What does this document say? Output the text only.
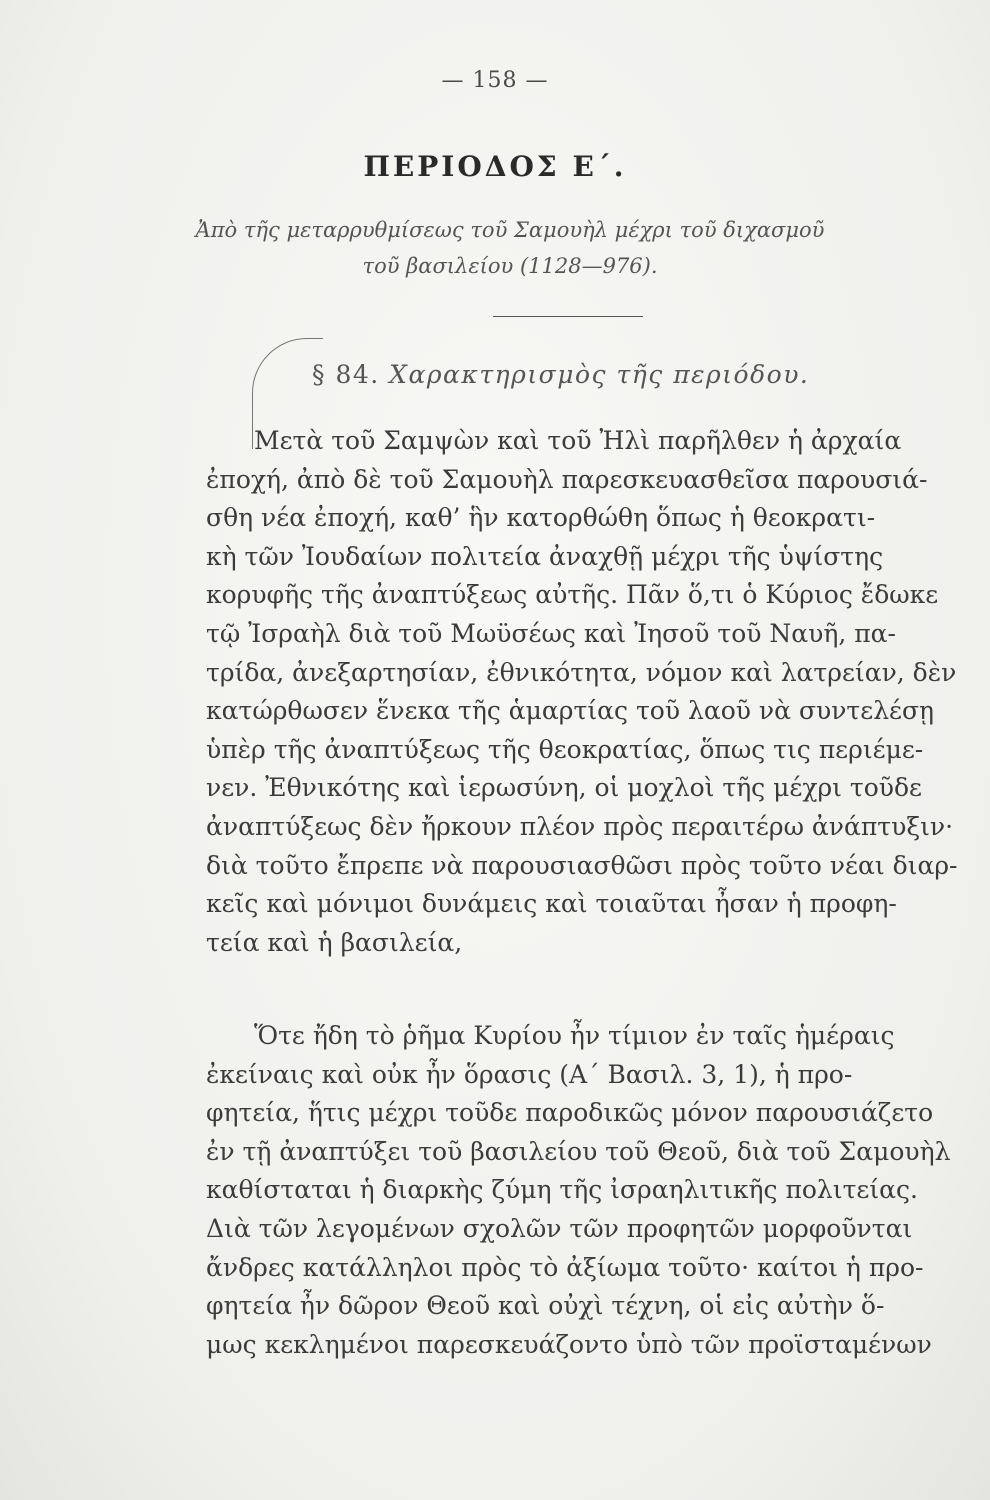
— 158 —
ΠΕΡΙΟΔΟΣ Ε΄.
Ἀπὸ τῆς μεταρρυθμίσεως τοῦ Σαμουὴλ μέχρι τοῦ διχασμοῦ
τοῦ βασιλείου (1128—976).
§ 84. Χαρακτηρισμὸς τῆς περιόδου.
Μετὰ τοῦ Σαμψὼν καὶ τοῦ Ἠλὶ παρῆλθεν ἡ ἀρχαία
ἐποχή, ἀπὸ δὲ τοῦ Σαμουὴλ παρεσκευασθεῖσα παρουσιά-
σθη νέα ἐποχή, καθ’ ἣν κατορθώθη ὅπως ἡ θεοκρατι-
κὴ τῶν Ἰουδαίων πολιτεία ἀναχθῇ μέχρι τῆς ὑψίστης
κορυφῆς τῆς ἀναπτύξεως αὐτῆς. Πᾶν ὅ,τι ὁ Κύριος ἔδωκε
τῷ Ἰσραὴλ διὰ τοῦ Μωϋσέως καὶ Ἰησοῦ τοῦ Ναυῆ, πα-
τρίδα, ἀνεξαρτησίαν, ἐθνικότητα, νόμον καὶ λατρείαν, δὲν
κατώρθωσεν ἕνεκα τῆς ἁμαρτίας τοῦ λαοῦ νὰ συντελέσῃ
ὑπὲρ τῆς ἀναπτύξεως τῆς θεοκρατίας, ὅπως τις περιέμε-
νεν. Ἐθνικότης καὶ ἱερωσύνη, οἱ μοχλοὶ τῆς μέχρι τοῦδε
ἀναπτύξεως δὲν ἤρκουν πλέον πρὸς περαιτέρω ἀνάπτυξιν·
διὰ τοῦτο ἔπρεπε νὰ παρουσιασθῶσι πρὸς τοῦτο νέαι διαρ-
κεῖς καὶ μόνιμοι δυνάμεις καὶ τοιαῦται ἦσαν ἡ προφη-
τεία καὶ ἡ βασιλεία,
Ὅτε ἤδη τὸ ῥῆμα Κυρίου ἦν τίμιον ἐν ταῖς ἡμέραις
ἐκείναις καὶ οὐκ ἦν ὅρασις (Α΄ Βασιλ. 3, 1), ἡ προ-
φητεία, ἥτις μέχρι τοῦδε παροδικῶς μόνον παρουσιάζετο
ἐν τῇ ἀναπτύξει τοῦ βασιλείου τοῦ Θεοῦ, διὰ τοῦ Σαμουὴλ
καθίσταται ἡ διαρκὴς ζύμη τῆς ἰσραηλιτικῆς πολιτείας.
Διὰ τῶν λεγομένων σχολῶν τῶν προφητῶν μορφοῦνται
ἄνδρες κατάλληλοι πρὸς τὸ ἀξίωμα τοῦτο· καίτοι ἡ προ-
φητεία ἦν δῶρον Θεοῦ καὶ οὐχὶ τέχνη, οἱ εἰς αὐτὴν ὅ-
μως κεκλημένοι παρεσκευάζοντο ὑπὸ τῶν προϊσταμένων
